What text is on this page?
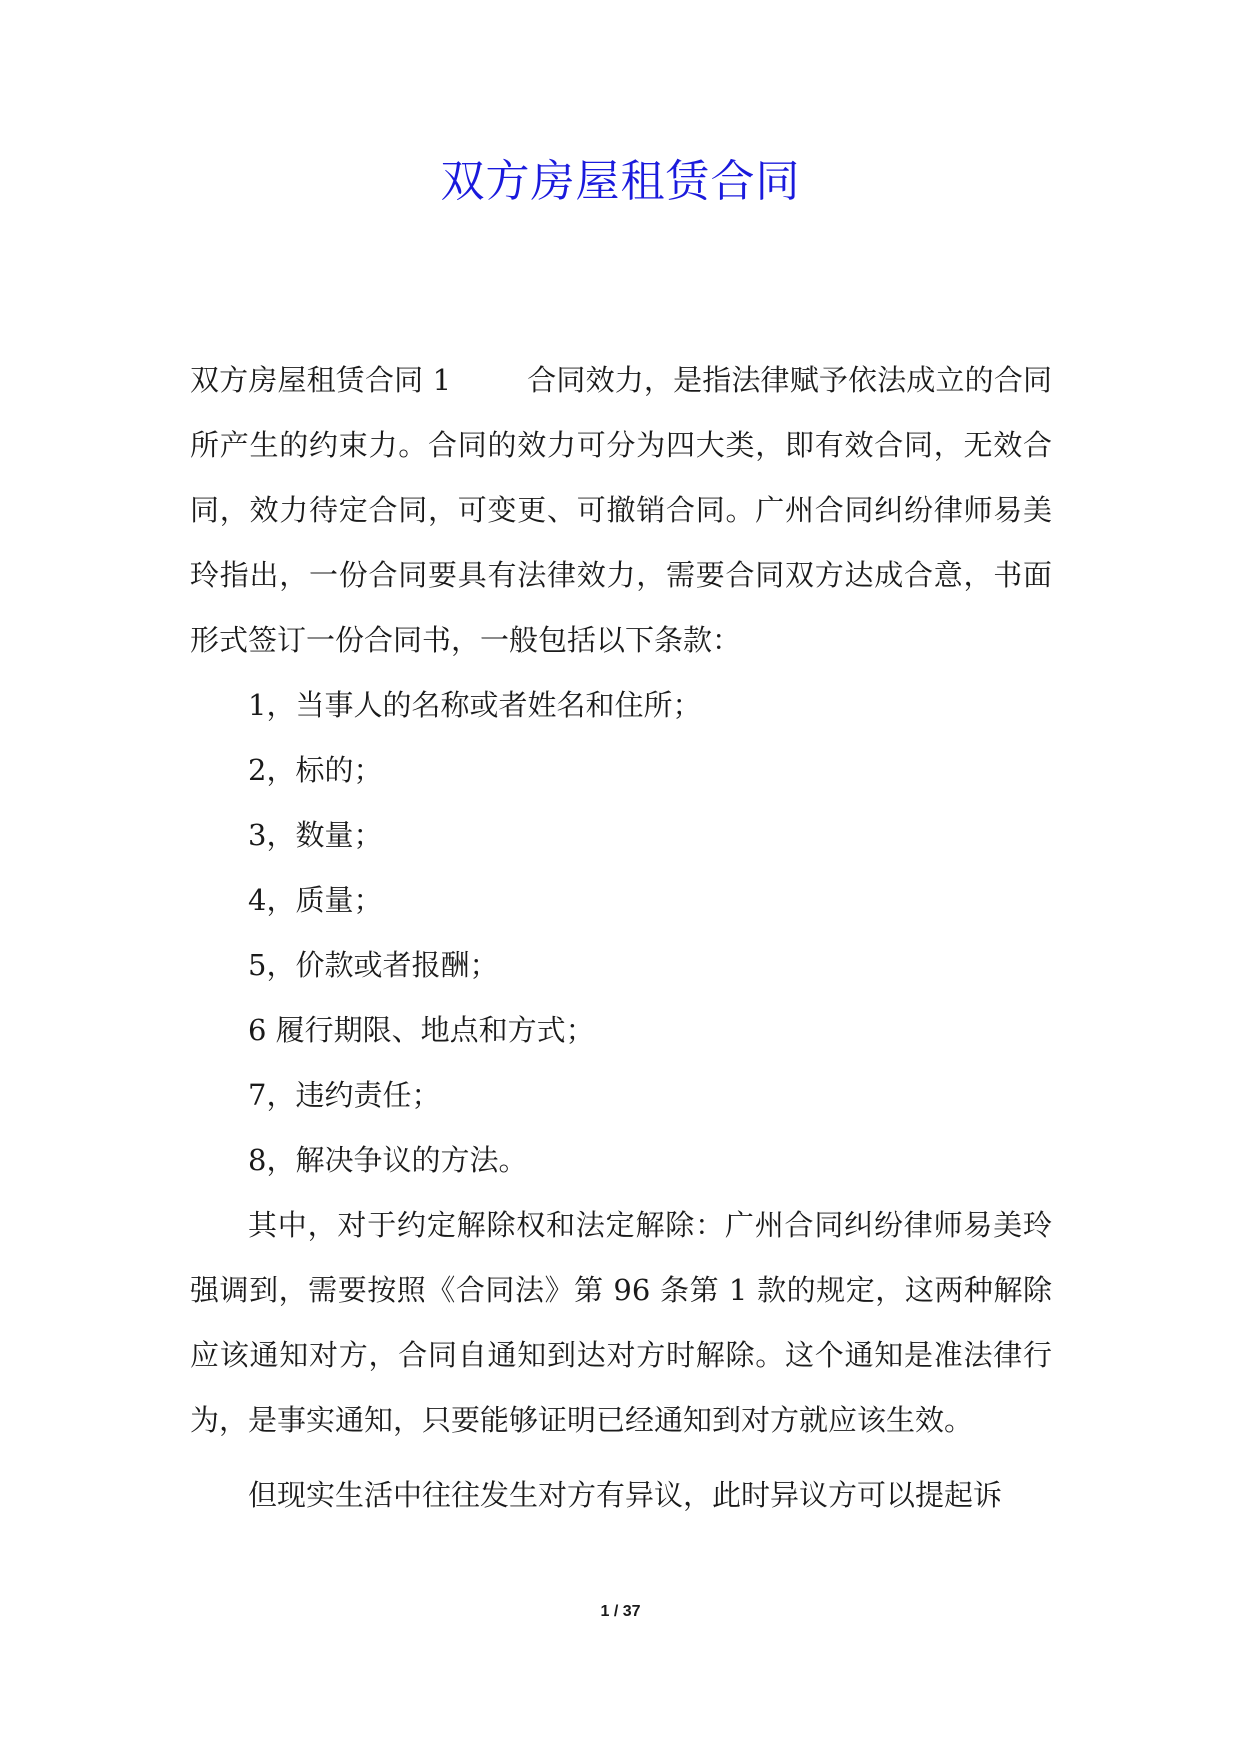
双方房屋租赁合同

双方房屋租赁合同 1	合同效力，是指法律赋予依法成立的合同所产生的约束力。合同的效力可分为四大类，即有效合同，无效合同，效力待定合同，可变更、可撤销合同。广州合同纠纷律师易美玲指出，一份合同要具有法律效力，需要合同双方达成合意，书面形式签订一份合同书，一般包括以下条款：

1，当事人的名称或者姓名和住所；

2，标的；

3，数量；

4，质量；

5，价款或者报酬；

6 履行期限、地点和方式；

7，违约责任；

8，解决争议的方法。

其中，对于约定解除权和法定解除：广州合同纠纷律师易美玲强调到，需要按照《合同法》第 96 条第 1 款的规定，这两种解除应该通知对方，合同自通知到达对方时解除。这个通知是准法律行为，是事实通知，只要能够证明已经通知到对方就应该生效。

但现实生活中往往发生对方有异议，此时异议方可以提起诉

1 / 37
